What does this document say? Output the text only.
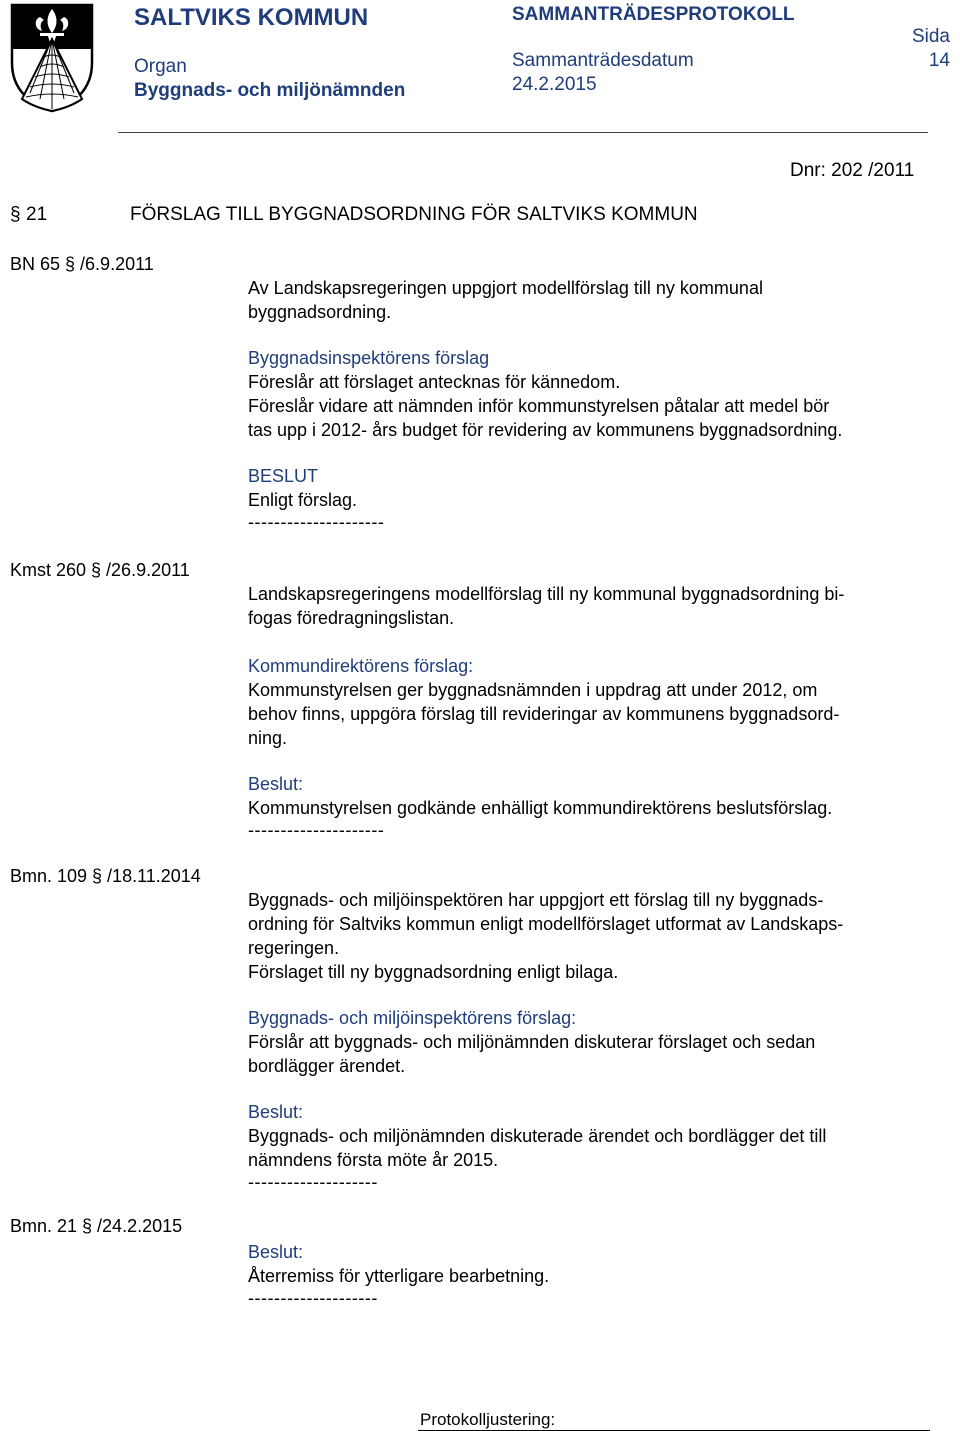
SALTVIKS KOMMUN
Organ
Byggnads- och miljönämnden
SAMMANTRÄDESPROTOKOLL
Sammanträdesdatum
24.2.2015
Sida
14
Dnr: 202 /2011
§ 21	FÖRSLAG TILL BYGGNADSORDNING FÖR SALTVIKS KOMMUN
BN 65 § /6.9.2011
Av Landskapsregeringen uppgjort modellförslag till ny kommunal
byggnadsordning.
Byggnadsinspektörens förslag
Föreslår att förslaget antecknas för kännedom.
Föreslår vidare att nämnden inför kommunstyrelsen påtalar att medel bör
tas upp i 2012- års budget för revidering av kommunens byggnadsordning.
BESLUT
Enligt förslag.
---------------------
Kmst 260 § /26.9.2011
Landskapsregeringens modellförslag till ny kommunal byggnadsordning bi-
fogas föredragningslistan.
Kommundirektörens förslag:
Kommunstyrelsen ger byggnadsnämnden i uppdrag att under 2012, om
behov finns, uppgöra förslag till revideringar av kommunens byggnadsord-
ning.
Beslut:
Kommunstyrelsen godkände enhälligt kommundirektörens beslutsförslag.
---------------------
Bmn. 109 § /18.11.2014
Byggnads- och miljöinspektören har uppgjort ett förslag till ny byggnads-
ordning för Saltviks kommun enligt modellförslaget utformat av Landskaps-
regeringen.
Förslaget till ny byggnadsordning enligt bilaga.
Byggnads- och miljöinspektörens förslag:
Förslår att byggnads- och miljönämnden diskuterar förslaget och sedan
bordlägger ärendet.
Beslut:
Byggnads- och miljönämnden diskuterade ärendet och bordlägger det till
nämndens första möte år 2015.
--------------------
Bmn. 21 § /24.2.2015
Beslut:
Återremiss för ytterligare bearbetning.
--------------------
Protokolljustering:
